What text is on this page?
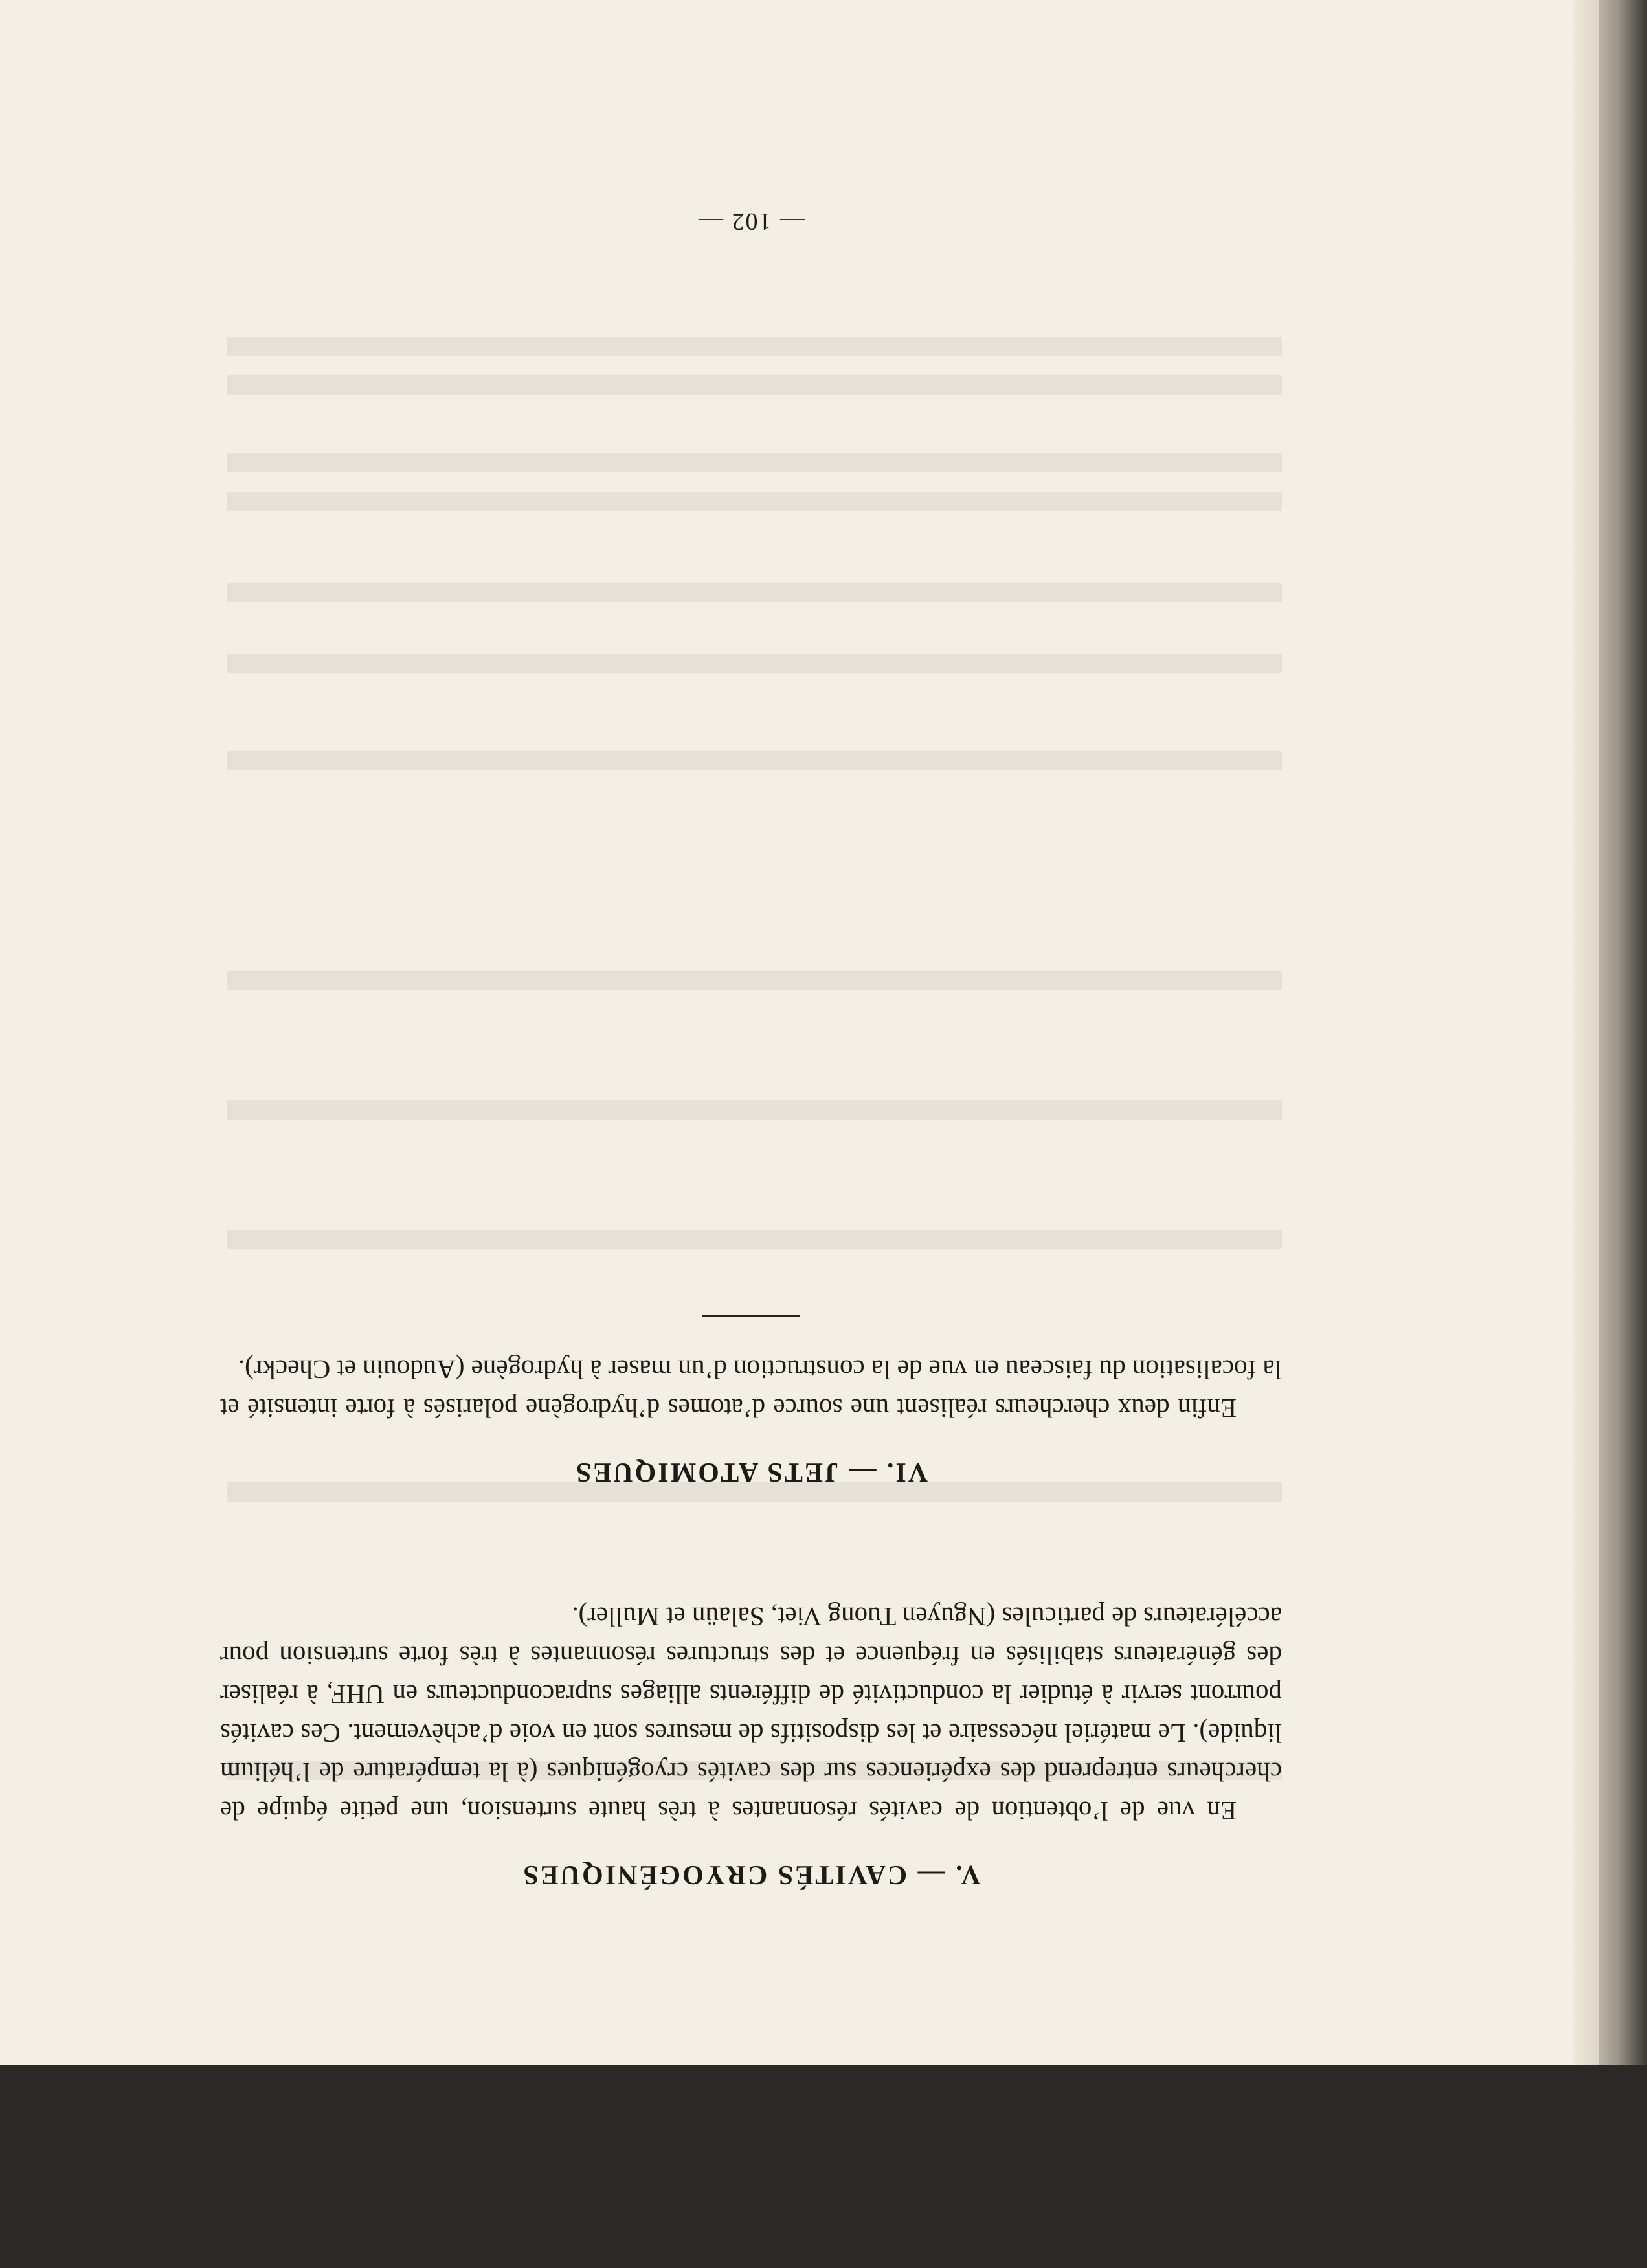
V. — CAVITÉS CRYOGÉNIQUES

En vue de l’obtention de cavités résonnantes à très haute surtension, une petite équipe de chercheurs entreprend des expériences sur des cavités cryogéniques (à la température de l’hélium liquide). Le matériel nécessaire et les dispositifs de mesures sont en voie d’achèvement. Ces cavités pourront servir à étudier la conductivité de différents alliages supraconducteurs en UHF, à réaliser des générateurs stabilisés en fréquence et des structures résonnantes à très forte surtension pour accélérateurs de particules (Nguyen Tuong Viet, Salaün et Muller).

VI. — JETS ATOMIQUES

Enfin deux chercheurs réalisent une source d’atomes d’hydrogène polarisés à forte intensité et la focalisation du faisceau en vue de la construction d’un maser à hydrogène (Audouin et Checkr).

— 102 —
